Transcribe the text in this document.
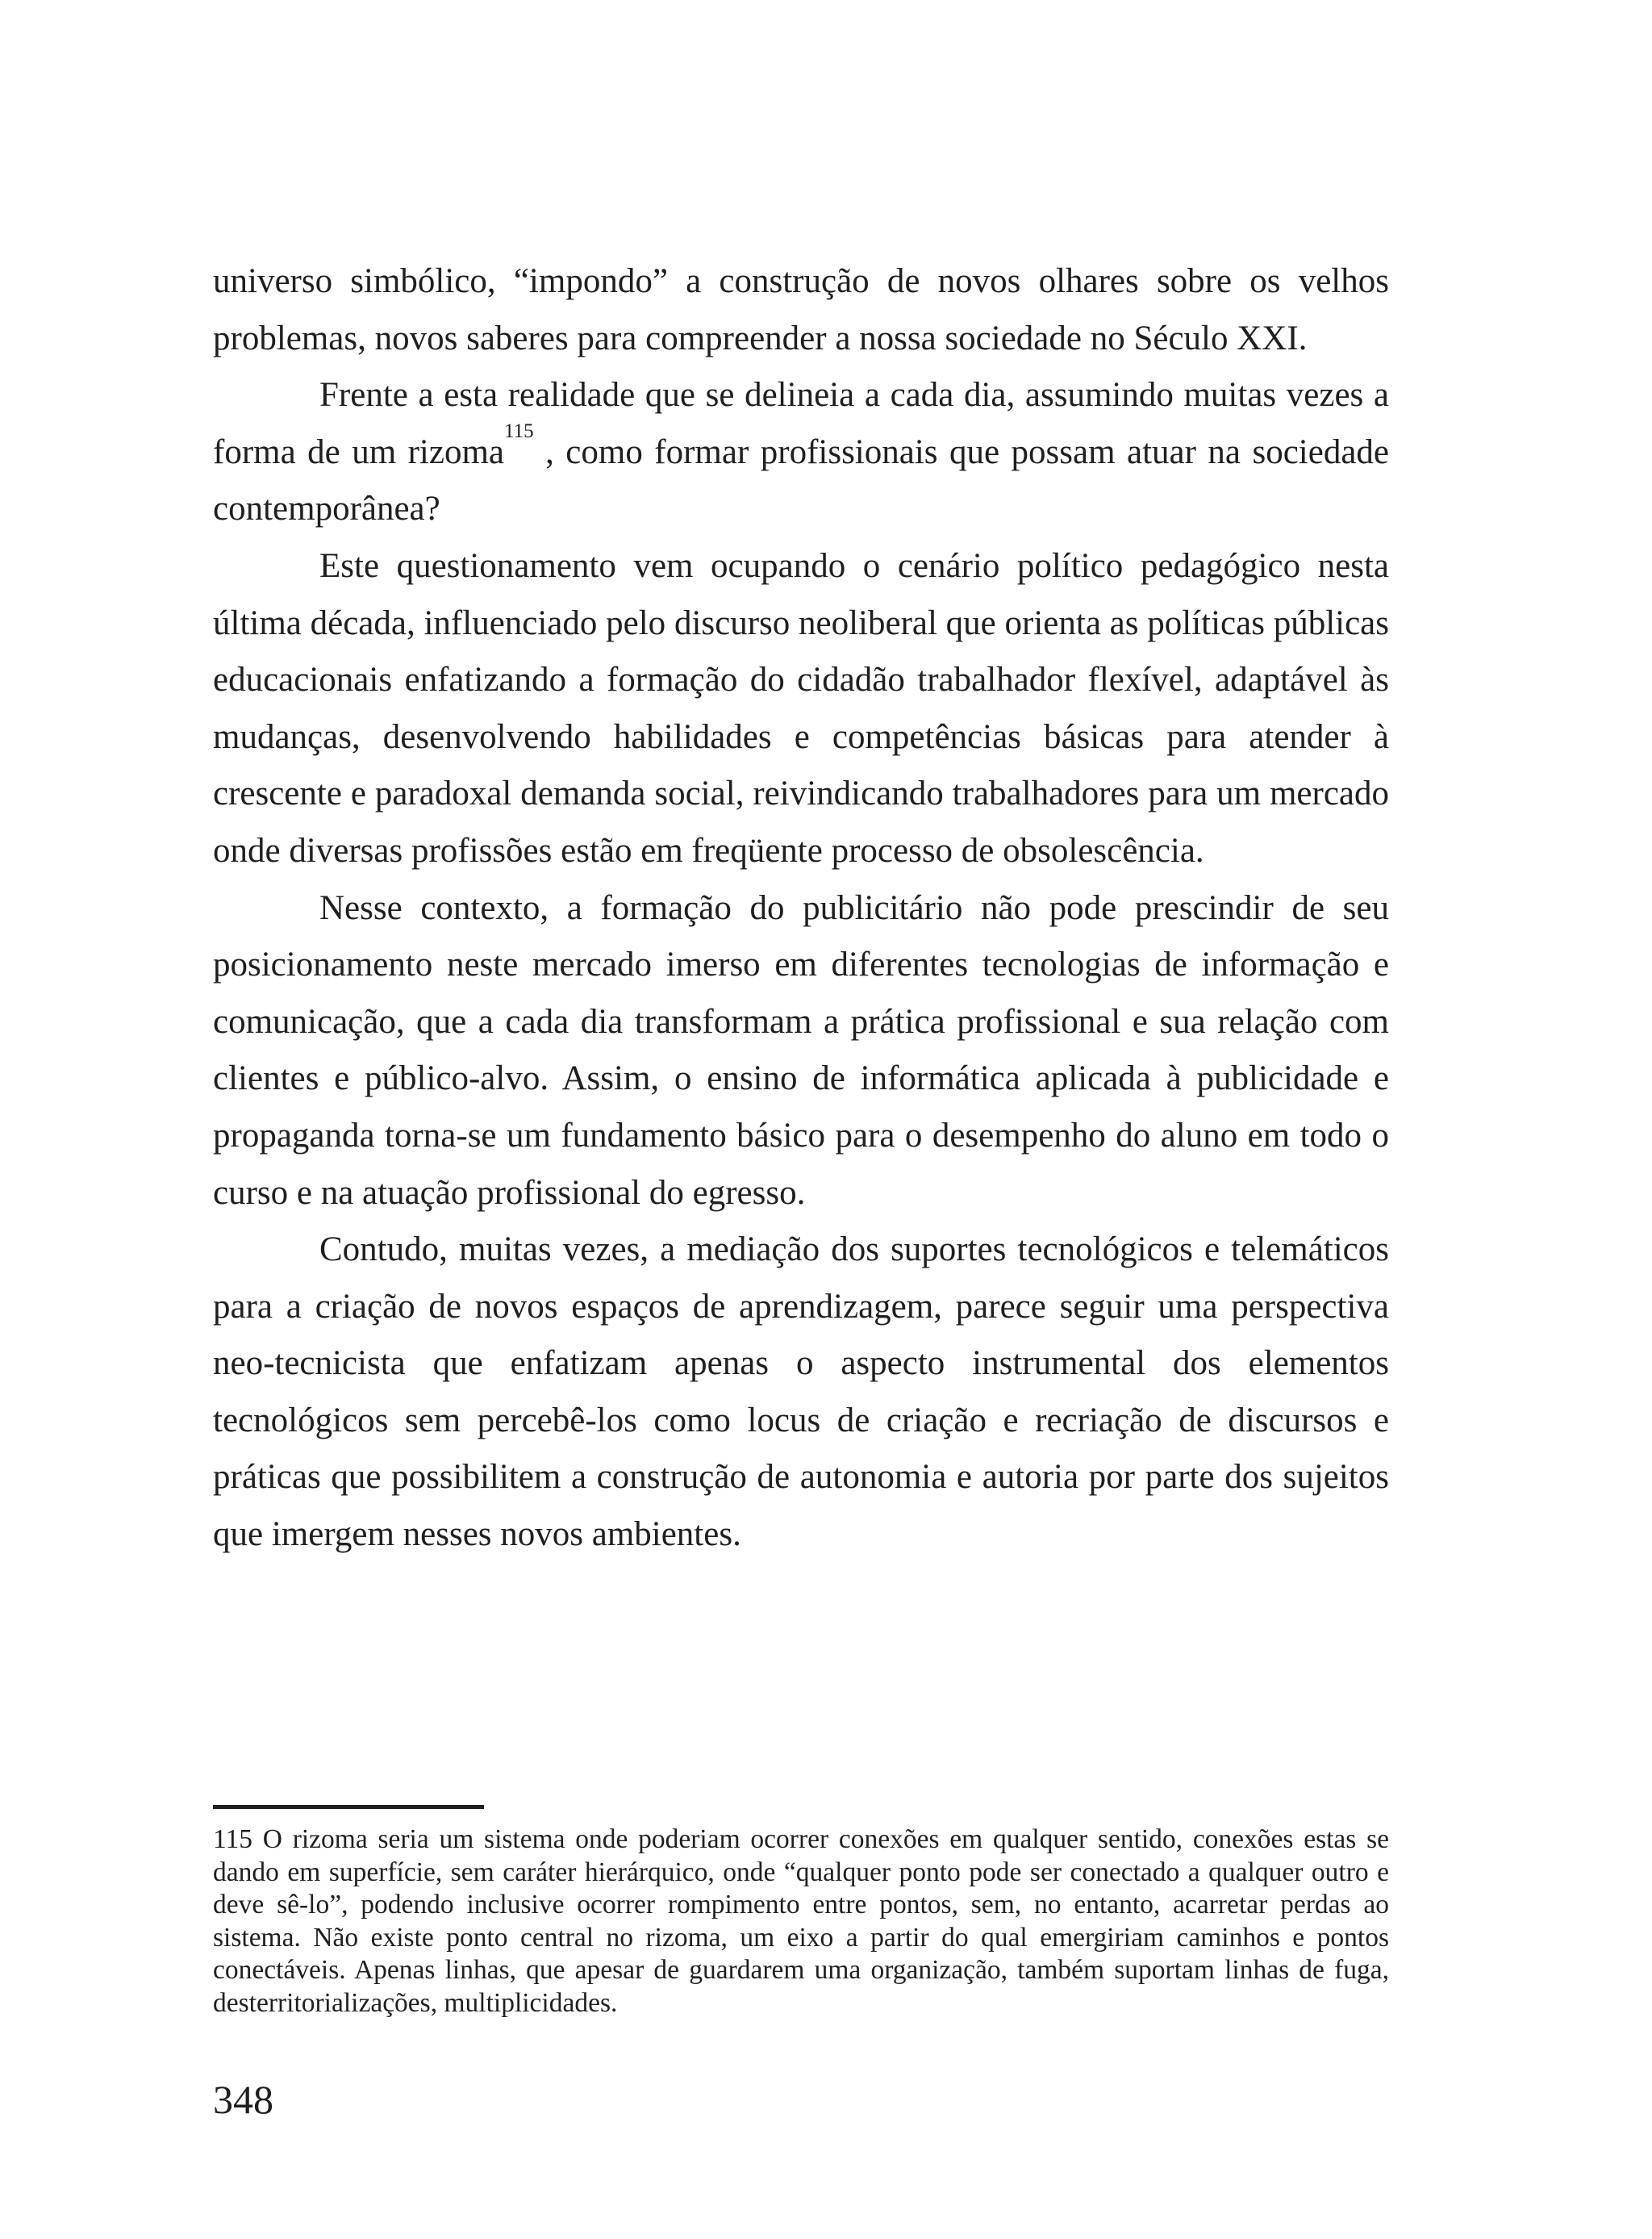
universo simbólico, “impondo” a construção de novos olhares sobre os velhos problemas, novos saberes para compreender a nossa sociedade no Século XXI.

Frente a esta realidade que se delineia a cada dia, assumindo muitas vezes a forma de um rizoma$^{115}$ , como formar profissionais que possam atuar na sociedade contemporânea?

Este questionamento vem ocupando o cenário político pedagógico nesta última década, influenciado pelo discurso neoliberal que orienta as políticas públicas educacionais enfatizando a formação do cidadão trabalhador flexível, adaptável às mudanças, desenvolvendo habilidades e competências básicas para atender à crescente e paradoxal demanda social, reivindicando trabalhadores para um mercado onde diversas profissões estão em freqüente processo de obsolescência.

Nesse contexto, a formação do publicitário não pode prescindir de seu posicionamento neste mercado imerso em diferentes tecnologias de informação e comunicação, que a cada dia transformam a prática profissional e sua relação com clientes e público-alvo. Assim, o ensino de informática aplicada à publicidade e propaganda torna-se um fundamento básico para o desempenho do aluno em todo o curso e na atuação profissional do egresso.

Contudo, muitas vezes, a mediação dos suportes tecnológicos e telemáticos para a criação de novos espaços de aprendizagem, parece seguir uma perspectiva neo-tecnicista que enfatizam apenas o aspecto instrumental dos elementos tecnológicos sem percebê-los como locus de criação e recriação de discursos e práticas que possibilitem a construção de autonomia e autoria por parte dos sujeitos que imergem nesses novos ambientes.

115 O rizoma seria um sistema onde poderiam ocorrer conexões em qualquer sentido, conexões estas se dando em superfície, sem caráter hierárquico, onde “qualquer ponto pode ser conectado a qualquer outro e deve sê-lo”, podendo inclusive ocorrer rompimento entre pontos, sem, no entanto, acarretar perdas ao sistema. Não existe ponto central no rizoma, um eixo a partir do qual emergiriam caminhos e pontos conectáveis. Apenas linhas, que apesar de guardarem uma organização, também suportam linhas de fuga, desterritorializações, multiplicidades.

348
